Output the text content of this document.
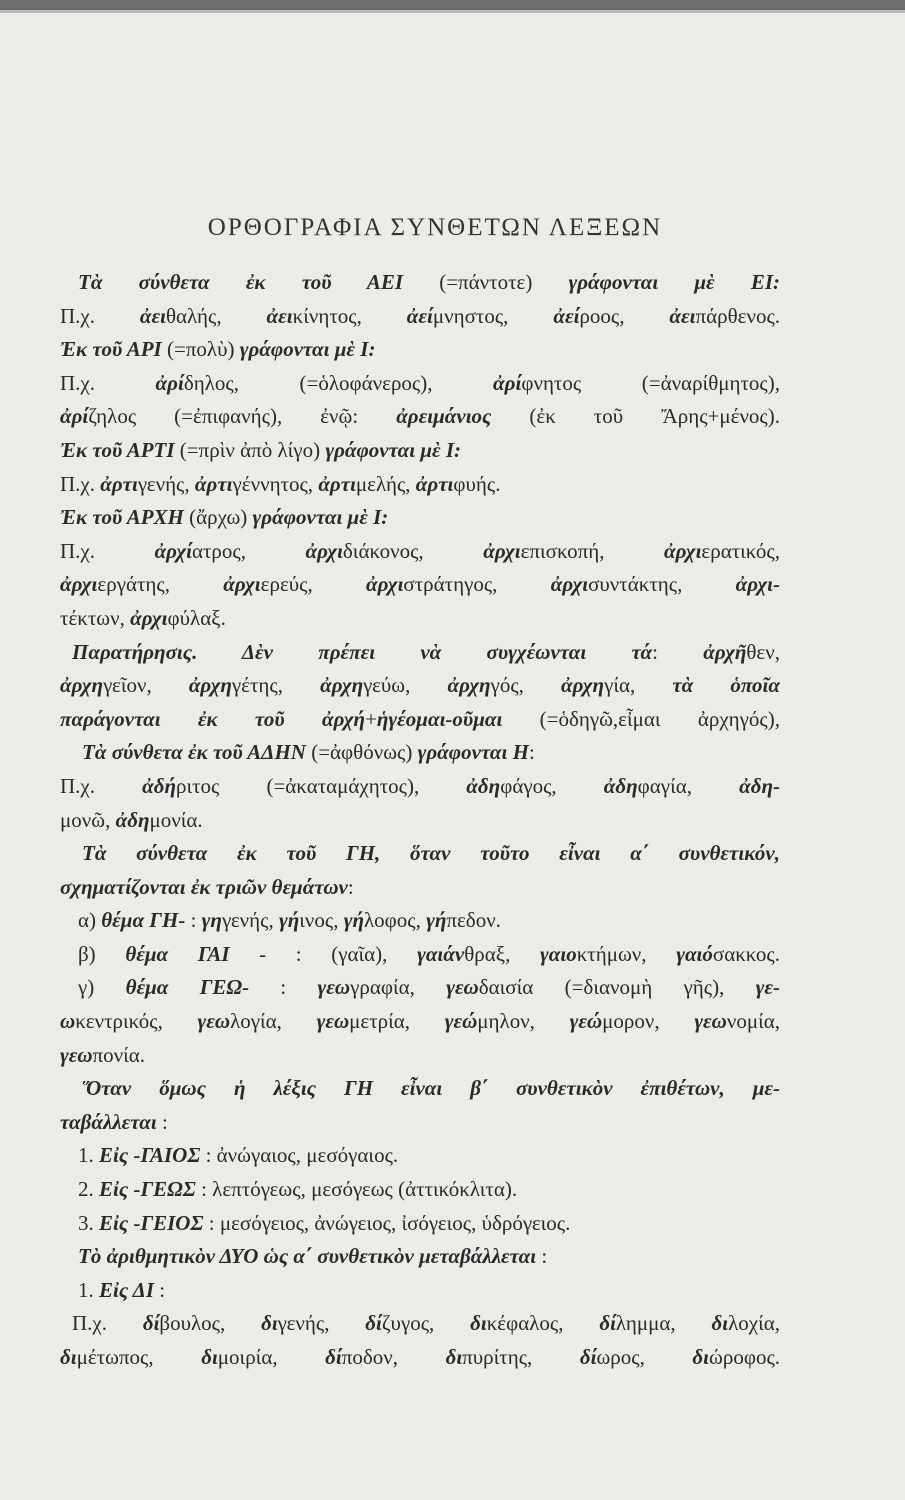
ΟΡΘΟΓΡΑΦΙΑ ΣΥΝΘΕΤΩΝ ΛΕΞΕΩΝ
Τὰ σύνθετα ἐκ τοῦ ΑΕΙ (=πάντοτε) γράφονται μὲ ΕΙ:
Π.χ. ἀειθαλής, ἀεικίνητος, ἀείμνηστος, ἀείροος, ἀειπάρθενος.
Ἐκ τοῦ ΑΡΙ (=πολὺ) γράφονται μὲ Ι:
Π.χ. ἀρίδηλος, (=ὁλοφάνερος), ἀρίφνητος (=ἀναρίθμητος),
ἀρίζηλος (=ἐπιφανής), ἐνῷ: ἀρειμάνιος (ἐκ τοῦ Ἄρης+μένος).
Ἐκ τοῦ ΑΡΤΙ (=πρὶν ἀπὸ λίγο) γράφονται μὲ Ι:
Π.χ. ἀρτιγενής, ἀρτιγέννητος, ἀρτιμελής, ἀρτιφυής.
Ἐκ τοῦ ΑΡΧΗ (ἄρχω) γράφονται μὲ Ι:
Π.χ. ἀρχίατρος, ἀρχιδιάκονος, ἀρχιεπισκοπή, ἀρχιερατικός,
ἀρχιεργάτης, ἀρχιερεύς, ἀρχιστράτηγος, ἀρχισυντάκτης, ἀρχι-
τέκτων, ἀρχιφύλαξ.
Παρατήρησις. Δὲν πρέπει νὰ συγχέωνται τά: ἀρχῆθεν,
ἀρχηγεῖον, ἀρχηγέτης, ἀρχηγεύω, ἀρχηγός, ἀρχηγία, τὰ ὁποῖα
παράγονται ἐκ τοῦ ἀρχή+ἡγέομαι-οῦμαι (=ὁδηγῶ,εἶμαι ἀρχηγός),
Τὰ σύνθετα ἐκ τοῦ ΑΔΗΝ (=ἀφθόνως) γράφονται Η:
Π.χ. ἀδήριτος (=ἀκαταμάχητος), ἀδηφάγος, ἀδηφαγία, ἀδη-
μονῶ, ἀδημονία.
Τὰ σύνθετα ἐκ τοῦ ΓΗ, ὅταν τοῦτο εἶναι α΄ συνθετικόν,
σχηματίζονται ἐκ τριῶν θεμάτων:
α) θέμα ΓΗ- : γηγενής, γήινος, γήλοφος, γήπεδον.
β) θέμα ΓΑΙ - : (γαῖα), γαιάνθραξ, γαιοκτήμων, γαιόσακκος.
γ) θέμα ΓΕΩ- : γεωγραφία, γεωδαισία (=διανομὴ γῆς), γε-
ωκεντρικός, γεωλογία, γεωμετρία, γεώμηλον, γεώμορον, γεωνομία,
γεωπονία.
Ὅταν ὅμως ἡ λέξις ΓΗ εἶναι β΄ συνθετικὸν ἐπιθέτων, με-
ταβάλλεται :
1. Εἰς -ΓΑΙΟΣ : ἀνώγαιος, μεσόγαιος.
2. Εἰς -ΓΕΩΣ : λεπτόγεως, μεσόγεως (ἀττικόκλιτα).
3. Εἰς -ΓΕΙΟΣ : μεσόγειος, ἀνώγειος, ἰσόγειος, ὑδρόγειος.
Τὸ ἀριθμητικὸν ΔΥΟ ὡς α΄ συνθετικὸν μεταβάλλεται :
1. Εἰς ΔΙ :
Π.χ. δίβουλος, διγενής, δίζυγος, δικέφαλος, δίλημμα, διλοχία,
διμέτωπος, διμοιρία, δίποδον, διπυρίτης, δίωρος, διώροφος.
